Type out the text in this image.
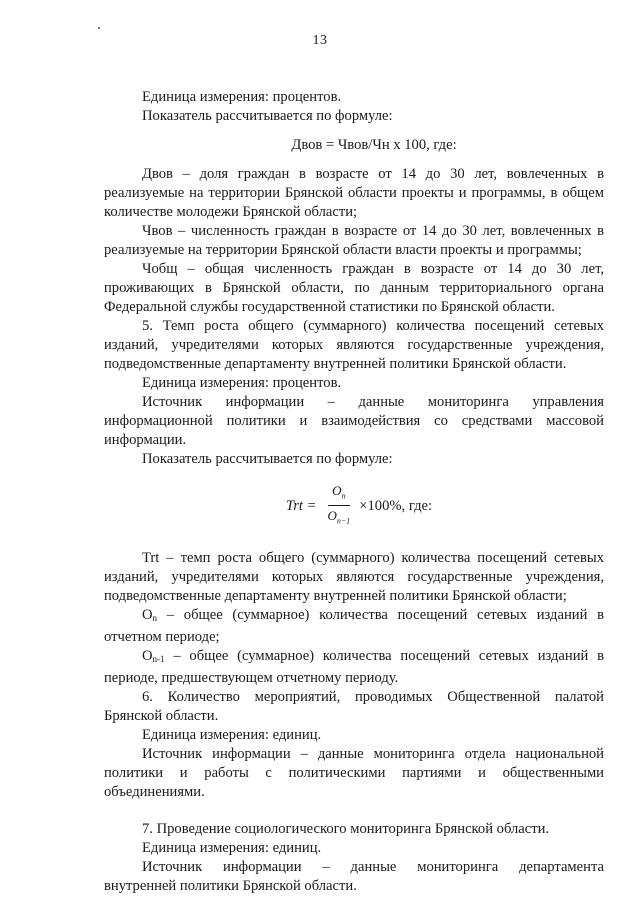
13

Единица измерения: процентов.

Показатель рассчитывается по формуле:

Двов = Чвов/Чн х 100, где:

Двов – доля граждан в возрасте от 14 до 30 лет, вовлеченных в реализуемые на территории Брянской области проекты и программы, в общем количестве молодежи Брянской области;

Чвов – численность граждан в возрасте от 14 до 30 лет, вовлеченных в реализуемые на территории Брянской области власти проекты и программы;

Чобщ – общая численность граждан в возрасте от 14 до 30 лет, проживающих в Брянской области, по данным территориального органа Федеральной службы государственной статистики по Брянской области.

5. Темп роста общего (суммарного) количества посещений сетевых изданий, учредителями которых являются государственные учреждения, подведомственные департаменту внутренней политики Брянской области.

Единица измерения: процентов.

Источник информации – данные мониторинга управления информационной политики и взаимодействия со средствами массовой информации.

Показатель рассчитывается по формуле:

Trt = $\frac{O_n}{O_{n-1}} \times 100\%$, где:

Trt – темп роста общего (суммарного) количества посещений сетевых изданий, учредителями которых являются государственные учреждения, подведомственные департаменту внутренней политики Брянской области;

Оn – общее (суммарное) количества посещений сетевых изданий в отчетном периоде;

Оn-1 – общее (суммарное) количества посещений сетевых изданий в периоде, предшествующем отчетному периоду.

6. Количество мероприятий, проводимых Общественной палатой Брянской области.

Единица измерения: единиц.

Источник информации – данные мониторинга отдела национальной политики и работы с политическими партиями и общественными объединениями.

7. Проведение социологического мониторинга Брянской области.

Единица измерения: единиц.

Источник информации – данные мониторинга департамента

внутренней политики Брянской области.
